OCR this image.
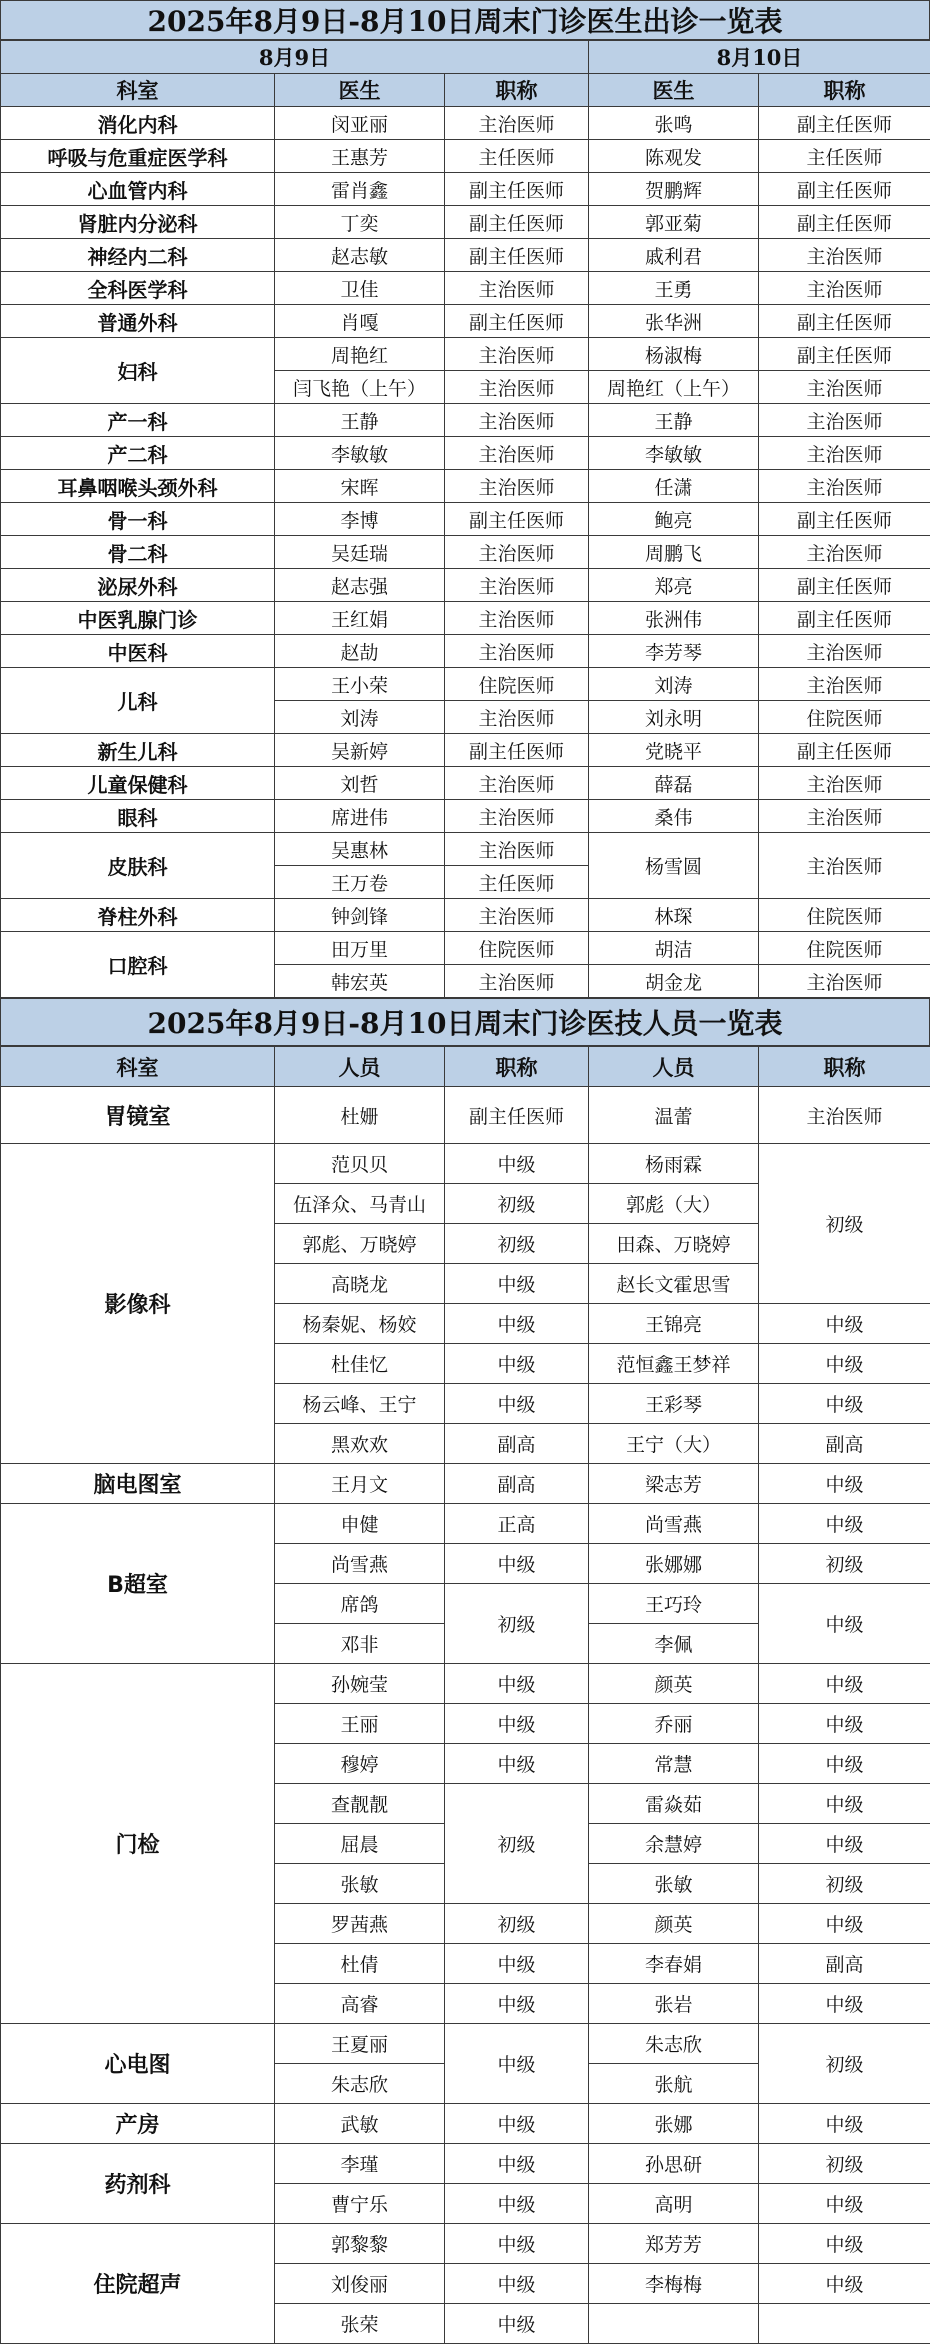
2025年8月9日-8月10日周末门诊医生出诊一览表
8月9日			8月10日	
科室	医生	职称	医生	职称
消化内科	闵亚丽	主治医师	张鸣	副主任医师
呼吸与危重症医学科	王惠芳	主任医师	陈观发	主任医师
心血管内科	雷肖鑫	副主任医师	贺鹏辉	副主任医师
肾脏内分泌科	丁奕	副主任医师	郭亚菊	副主任医师
神经内二科	赵志敏	副主任医师	戚利君	主治医师
全科医学科	卫佳	主治医师	王勇	主治医师
普通外科	肖嘎	副主任医师	张华洲	副主任医师
妇科	周艳红	主治医师	杨淑梅	副主任医师
	闫飞艳（上午）	主治医师	周艳红（上午）	主治医师
产一科	王静	主治医师	王静	主治医师
产二科	李敏敏	主治医师	李敏敏	主治医师
耳鼻咽喉头颈外科	宋晖	主治医师	任潇	主治医师
骨一科	李博	副主任医师	鲍亮	副主任医师
骨二科	吴廷瑞	主治医师	周鹏飞	主治医师
泌尿外科	赵志强	主治医师	郑亮	副主任医师
中医乳腺门诊	王红娟	主治医师	张洲伟	副主任医师
中医科	赵劼	主治医师	李芳琴	主治医师
儿科	王小荣	住院医师	刘涛	主治医师
	刘涛	主治医师	刘永明	住院医师
新生儿科	吴新婷	副主任医师	党晓平	副主任医师
儿童保健科	刘哲	主治医师	薛磊	主治医师
眼科	席进伟	主治医师	桑伟	主治医师
皮肤科	吴惠林	主治医师	杨雪圆	主治医师
	王万卷	主任医师		
脊柱外科	钟剑锋	主治医师	林琛	住院医师
口腔科	田万里	住院医师	胡洁	住院医师
	韩宏英	主治医师	胡金龙	主治医师
2025年8月9日-8月10日周末门诊医技人员一览表
科室	人员	职称	人员	职称
胃镜室	杜姗	副主任医师	温蕾	主治医师
影像科	范贝贝	中级	杨雨霖	初级
	伍泽众、马青山	初级	郭彪（大）	
	郭彪、万晓婷	初级	田森、万晓婷	
	高晓龙	中级	赵长文霍思雪	
	杨秦妮、杨姣	中级	王锦亮	中级
	杜佳忆	中级	范恒鑫王梦祥	中级
	杨云峰、王宁	中级	王彩琴	中级
	黑欢欢	副高	王宁（大）	副高
脑电图室	王月文	副高	梁志芳	中级
B超室	申健	正高	尚雪燕	中级
	尚雪燕	中级	张娜娜	初级
	席鸽	初级	王巧玲	中级
	邓非		李佩	
门检	孙婉莹	中级	颜英	中级
	王丽	中级	乔丽	中级
	穆婷	中级	常慧	中级
	查靓靓	初级	雷焱茹	中级
	屈晨		余慧婷	中级
	张敏		张敏	初级
	罗茜燕	初级	颜英	中级
	杜倩	中级	李春娟	副高
	高睿	中级	张岩	中级
心电图	王夏丽	中级	朱志欣	初级
	朱志欣		张航	
产房	武敏	中级	张娜	中级
药剂科	李瑾	中级	孙思研	初级
	曹宁乐	中级	高明	中级
住院超声	郭黎黎	中级	郑芳芳	中级
	刘俊丽	中级	李梅梅	中级
	张荣	中级		
